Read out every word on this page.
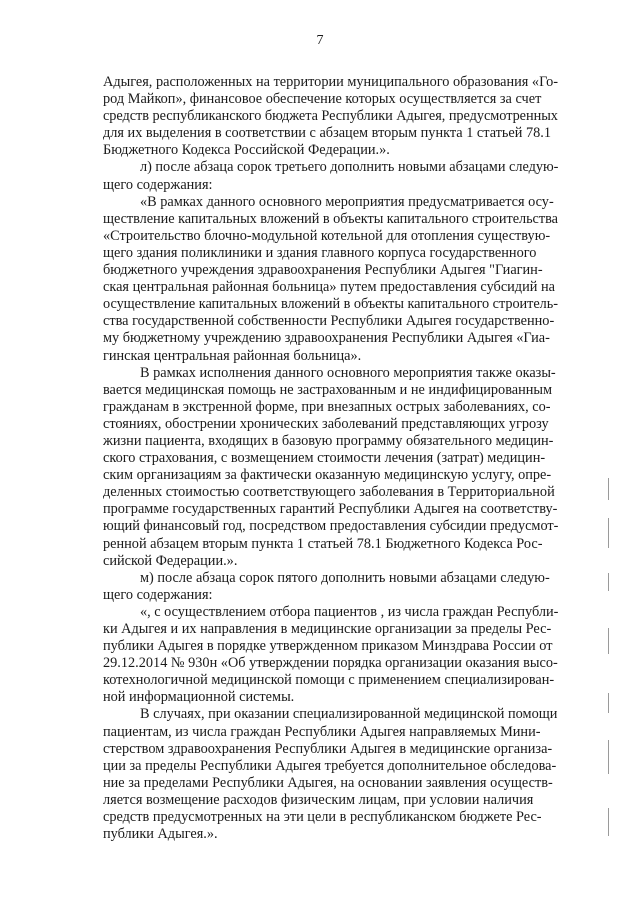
7
Адыгея, расположенных на территории муниципального образования «Го-
род Майкоп», финансовое обеспечение которых осуществляется за счет
средств республиканского бюджета Республики Адыгея, предусмотренных
для их выделения в соответствии с абзацем вторым пункта 1 статьей 78.1
Бюджетного Кодекса Российской Федерации.».
л) после абзаца сорок третьего дополнить новыми абзацами следую-
щего содержания:
«В рамках данного основного мероприятия предусматривается осу-
ществление капитальных вложений в объекты капитального строительства
«Строительство блочно-модульной котельной для отопления существую-
щего здания поликлиники и здания главного корпуса государственного
бюджетного учреждения здравоохранения Республики Адыгея "Гиагин-
ская центральная районная больница» путем предоставления субсидий на
осуществление капитальных вложений в объекты капитального строитель-
ства государственной собственности Республики Адыгея государственно-
му бюджетному учреждению здравоохранения Республики Адыгея «Гиа-
гинская центральная районная больница».
В рамках исполнения данного основного мероприятия также оказы-
вается медицинская помощь не застрахованным и не индифицированным
гражданам в экстренной форме, при внезапных острых заболеваниях, со-
стояниях, обострении хронических заболеваний представляющих угрозу
жизни пациента, входящих в базовую программу обязательного медицин-
ского страхования, с возмещением стоимости лечения (затрат) медицин-
ским организациям за фактически оказанную медицинскую услугу, опре-
деленных стоимостью соответствующего заболевания в Территориальной
программе государственных гарантий Республики Адыгея на соответству-
ющий финансовый год, посредством предоставления субсидии предусмот-
ренной абзацем вторым пункта 1 статьей 78.1 Бюджетного Кодекса Рос-
сийской Федерации.».
м) после абзаца сорок пятого дополнить новыми абзацами следую-
щего содержания:
«, с осуществлением отбора пациентов , из числа граждан Республи-
ки Адыгея и их направления в медицинские организации за пределы Рес-
публики Адыгея в порядке утвержденном приказом Минздрава России от
29.12.2014 № 930н «Об утверждении порядка организации оказания высо-
котехнологичной медицинской помощи с применением специализирован-
ной информационной системы.
В случаях, при оказании специализированной медицинской помощи
пациентам, из числа граждан Республики Адыгея направляемых Мини-
стерством здравоохранения Республики Адыгея в медицинские организа-
ции за пределы Республики Адыгея требуется дополнительное обследова-
ние за пределами Республики Адыгея, на основании заявления осуществ-
ляется возмещение расходов физическим лицам, при условии наличия
средств предусмотренных на эти цели в республиканском бюджете Рес-
публики Адыгея.».
